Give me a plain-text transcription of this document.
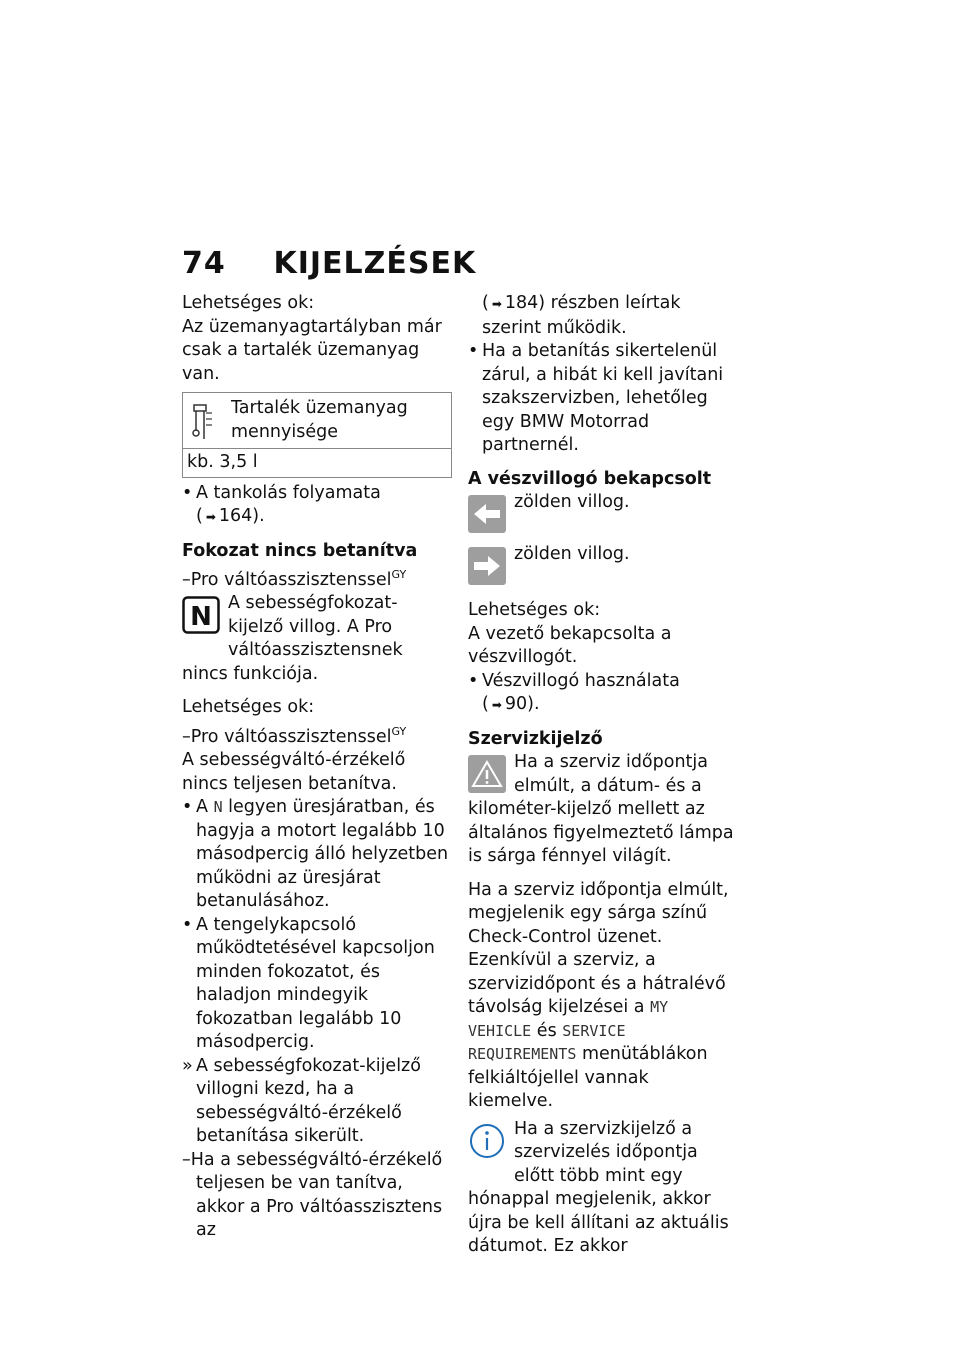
74 KIJELZÉSEK

Lehetséges ok:

Az üzemanyagtartályban már csak a tartalék üzemanyag van.

Tartalék üzemanyag mennyisége
kb. 3,5 l
• A tankolás folyamata
( ➡ 164).

Fokozat nincs betanítva

–Pro váltóasszisztenssel$^{GY}$

N A sebességfokozat-kijelző villog. A Pro váltóasszisztensnek nincs funkciója.

Lehetséges ok:

–Pro váltóasszisztenssel$^{GY}$

A sebességváltó-érzékelő nincs teljesen betanítva.

• A N legyen üresjáratban, és hagyja a motort legalább 10 másodpercig álló helyzetben működni az üresjárat betanulásához.
• A tengelykapcsoló működtetésével kapcsoljon minden fokozatot, és haladjon mindegyik fokozatban legalább 10 másodpercig.
» A sebességfokozat-kijelző villogni kezd, ha a sebességváltó-érzékelő betanítása sikerült.

–Ha a sebességváltó-érzékelő teljesen be van tanítva, akkor a Pro váltóasszisztens az

( ➡ 184) részben leírtak szerint működik.

• Ha a betanítás sikertelenül zárul, a hibát ki kell javítani szakszervizben, lehetőleg egy BMW Motorrad partnernél.

A vészvillogó bekapcsolt

zölden villog.

zölden villog.

Lehetséges ok:

A vezető bekapcsolta a vészvillogót.

• Vészvillogó használata
( ➡ 90).

Szervizkijelző

Ha a szerviz időpontja elmúlt, a dátum- és a kilométer-kijelző mellett az általános figyelmeztető lámpa is sárga fénnyel világít.

Ha a szerviz időpontja elmúlt, megjelenik egy sárga színű Check-Control üzenet. Ezenkívül a szerviz, a szervizidőpont és a hátralévő távolság kijelzései a MY VEHICLE és SERVICE REQUIREMENTS menütáblákon felkiáltójellel vannak kiemelve.

Ha a szervizkijelző a szervizelés időpontja előtt több mint egy hónappal megjelenik, akkor újra be kell állítani az aktuális dátumot. Ez akkor
